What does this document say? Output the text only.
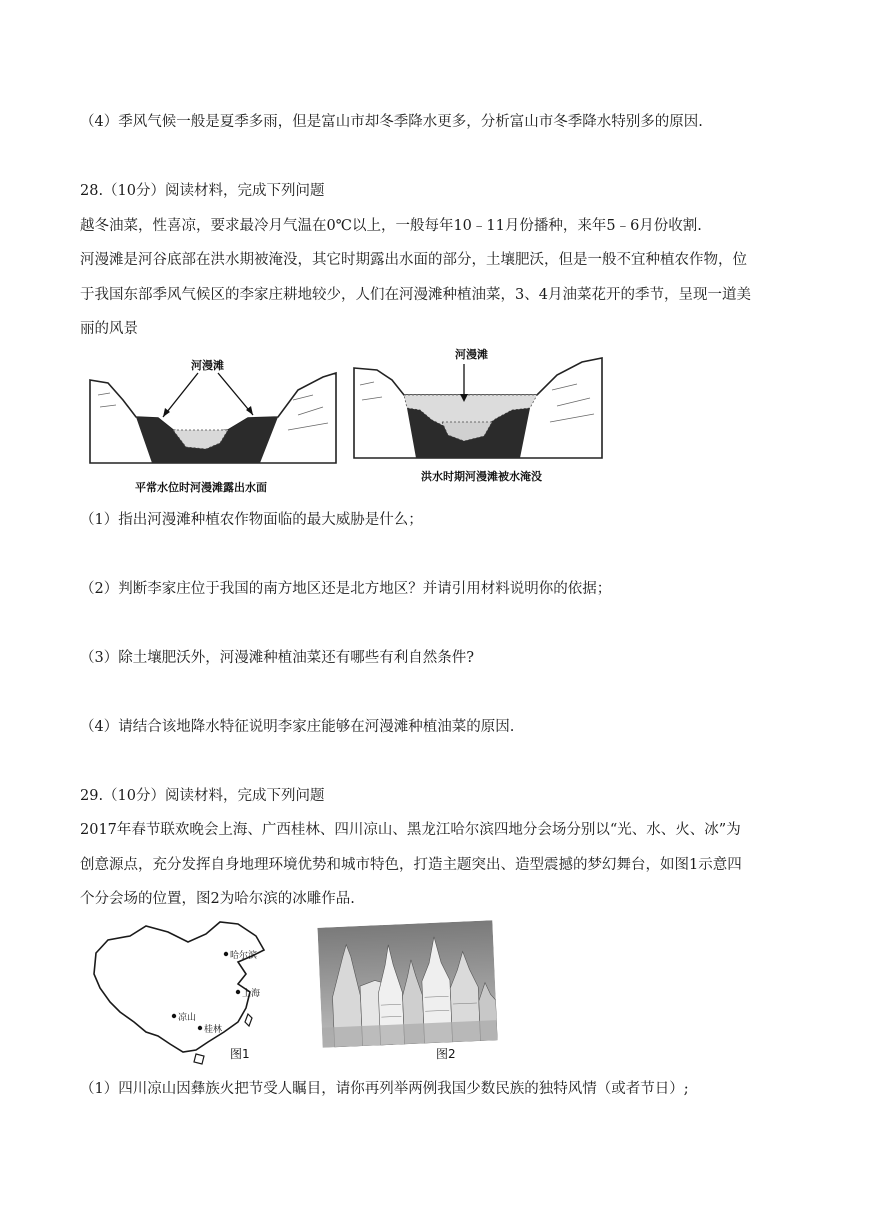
（4）季风气候一般是夏季多雨，但是富山市却冬季降水更多，分析富山市冬季降水特别多的原因.
28.（10分）阅读材料，完成下列问题
越冬油菜，性喜凉，要求最冷月气温在0℃以上，一般每年10﹣11月份播种，来年5﹣6月份收割.
河漫滩是河谷底部在洪水期被淹没，其它时期露出水面的部分，土壤肥沃，但是一般不宜种植农作物，位
于我国东部季风气候区的李家庄耕地较少，人们在河漫滩种植油菜，3、4月油菜花开的季节，呈现一道美
丽的风景
河漫滩
平常水位时河漫滩露出水面
河漫滩
洪水时期河漫滩被水淹没
（1）指出河漫滩种植农作物面临的最大威胁是什么；
（2）判断李家庄位于我国的南方地区还是北方地区？并请引用材料说明你的依据；
（3）除土壤肥沃外，河漫滩种植油菜还有哪些有利自然条件?
（4）请结合该地降水特征说明李家庄能够在河漫滩种植油菜的原因.
29.（10分）阅读材料，完成下列问题
2017年春节联欢晚会上海、广西桂林、四川凉山、黑龙江哈尔滨四地分会场分别以“光、水、火、冰”为
创意源点，充分发挥自身地理环境优势和城市特色，打造主题突出、造型震撼的梦幻舞台，如图1示意四
个分会场的位置，图2为哈尔滨的冰雕作品.
哈尔滨
上海
凉山
桂林
图1	图2
（1）四川凉山因彝族火把节受人瞩目，请你再列举两例我国少数民族的独特风情（或者节日）;
